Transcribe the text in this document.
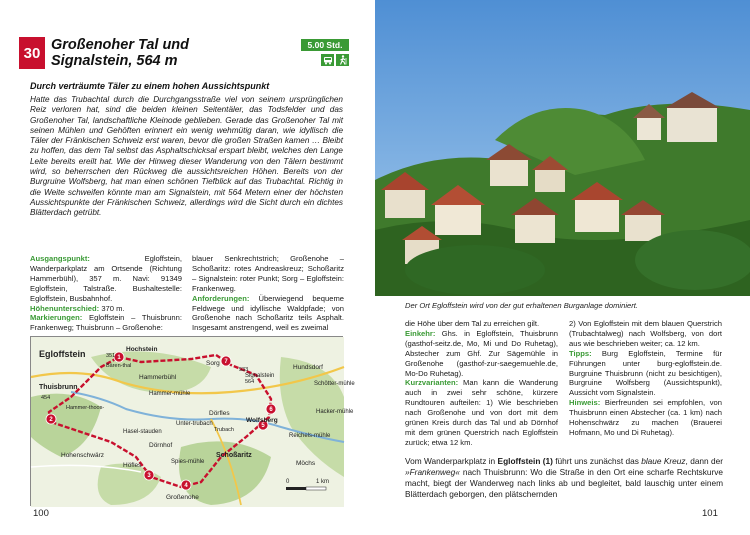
30 Großenoher Tal und
Signalstein, 564 m
5.00 Std.
Durch verträumte Täler zu einem hohen Aussichtspunkt
Hatte das Trubachtal durch die Durchgangsstraße viel von seinem ursprünglichen Reiz verloren hat, sind die beiden kleinen Seitentäler, das Todsfelder und das Großenoher Tal, landschaftliche Kleinode geblieben. Gerade das Großenoher Tal mit seinen Mühlen und Gehöften erinnert ein wenig wehmütig daran, wie idyllisch die Täler der Fränkischen Schweiz erst waren, bevor die großen Straßen kamen … Bleibt zu hoffen, das dem Tal selbst das Asphaltschicksal erspart bleibt, welches den Lange Leite bereits ereilt hat. Wie der Hinweg dieser Wanderung von den Tälern bestimmt wird, so beherrschen den Rückweg die aussichtsreichen Höhen. Bereits von der Burgruine Wolfsberg, hat man einen schönen Tiefblick auf das Trubachtal. Richtig in die Weite schweifen könnte man am Signalstein, mit 564 Metern einer der höchsten Aussichtspunkte der Fränkischen Schweiz, allerdings wird die Sicht durch ein dichtes Blätterdach getrübt.
Ausgangspunkt: Egloffstein, Wanderparkplatz am Ortsende (Richtung Hammerbühl), 357 m. Navi: 91349 Egloffstein, Talstraße. Bushaltestelle: Egloffstein, Busbahnhof.
Höhenunterschied: 370 m.
Markierungen: Egloffstein – Thuisbrunn: Frankenweg; Thuisbrunn – Großenohe:
blauer Senkrechtstrich; Großenohe – Schoßaritz: rotes Andreaskreuz; Schoßaritz – Signalstein: roter Punkt; Sorg – Egloffstein: Frankenweg.
Anforderungen: Überwiegend bequeme Feldwege und idyllische Waldpfade; von Großenohe nach Schoßaritz teils Asphalt. Insgesamt anstrengend, weil es zweimal
1
7
6
5
4
3
2
Egloffstein	Hochstein
Hammerbühl
Sorg
Hammer-mühle
Dörfles
Signalstein
Wolfsberg
Hundsdorf
Schötter-mühle
Thuisbrunn
Hammer-thoos-
Unter-trubach
Hacker-mühle
Reichels-mühle
Trubach
Hasel-stauden
Dörnhof
Hohenschwärz
Höfles	Spies-mühle
Schoßaritz
Möchs
Großenohe
Bären-thal
351
533
564
454
0	1 km
100
Der Ort Egloffstein wird von der gut erhaltenen Burganlage dominiert.
die Höhe über dem Tal zu erreichen gilt.
Einkehr: Ghs. in Egloffstein, Thuisbrunn (gasthof-seitz.de, Mo, Mi und Do Ruhetag), Abstecher zum Ghf. Zur Sägemühle in Großenohe (gasthof-zur-saegemuehle.de, Mo-Do Ruhetag).
Kurzvarianten: Man kann die Wanderung auch in zwei sehr schöne, kürzere Rundtouren aufteilen: 1) Wie beschrieben nach Großenohe und von dort mit dem grünen Kreis durch das Tal und ab Dörnhof mit dem grünen Querstrich nach Egloffstein zurück; etwa 12 km.
2) Von Egloffstein mit dem blauen Querstrich (Trubachtalweg) nach Wolfsberg, von dort aus wie beschrieben weiter; ca. 12 km.
Tipps: Burg Egloffstein, Termine für Führungen unter burg-egloffstein.de. Burgruine Thuisbrunn (nicht zu besichtigen), Burgruine Wolfsberg (Aussichtspunkt), Aussicht vom Signalstein.
Hinweis: Bierfreunden sei empfohlen, von Thuisbrunn einen Abstecher (ca. 1 km) nach Hohenschwärz zu machen (Brauerei Hofmann, Mo und Di Ruhetag).
Vom Wanderparkplatz in Egloffstein (1) führt uns zunächst das blaue Kreuz, dann der »Frankenweg« nach Thuisbrunn: Wo die Straße in den Ort eine scharfe Rechtskurve macht, biegt der Wanderweg nach links ab und begleitet, bald lauschig unter einem Blätterdach geborgen, den plätschernden
101
